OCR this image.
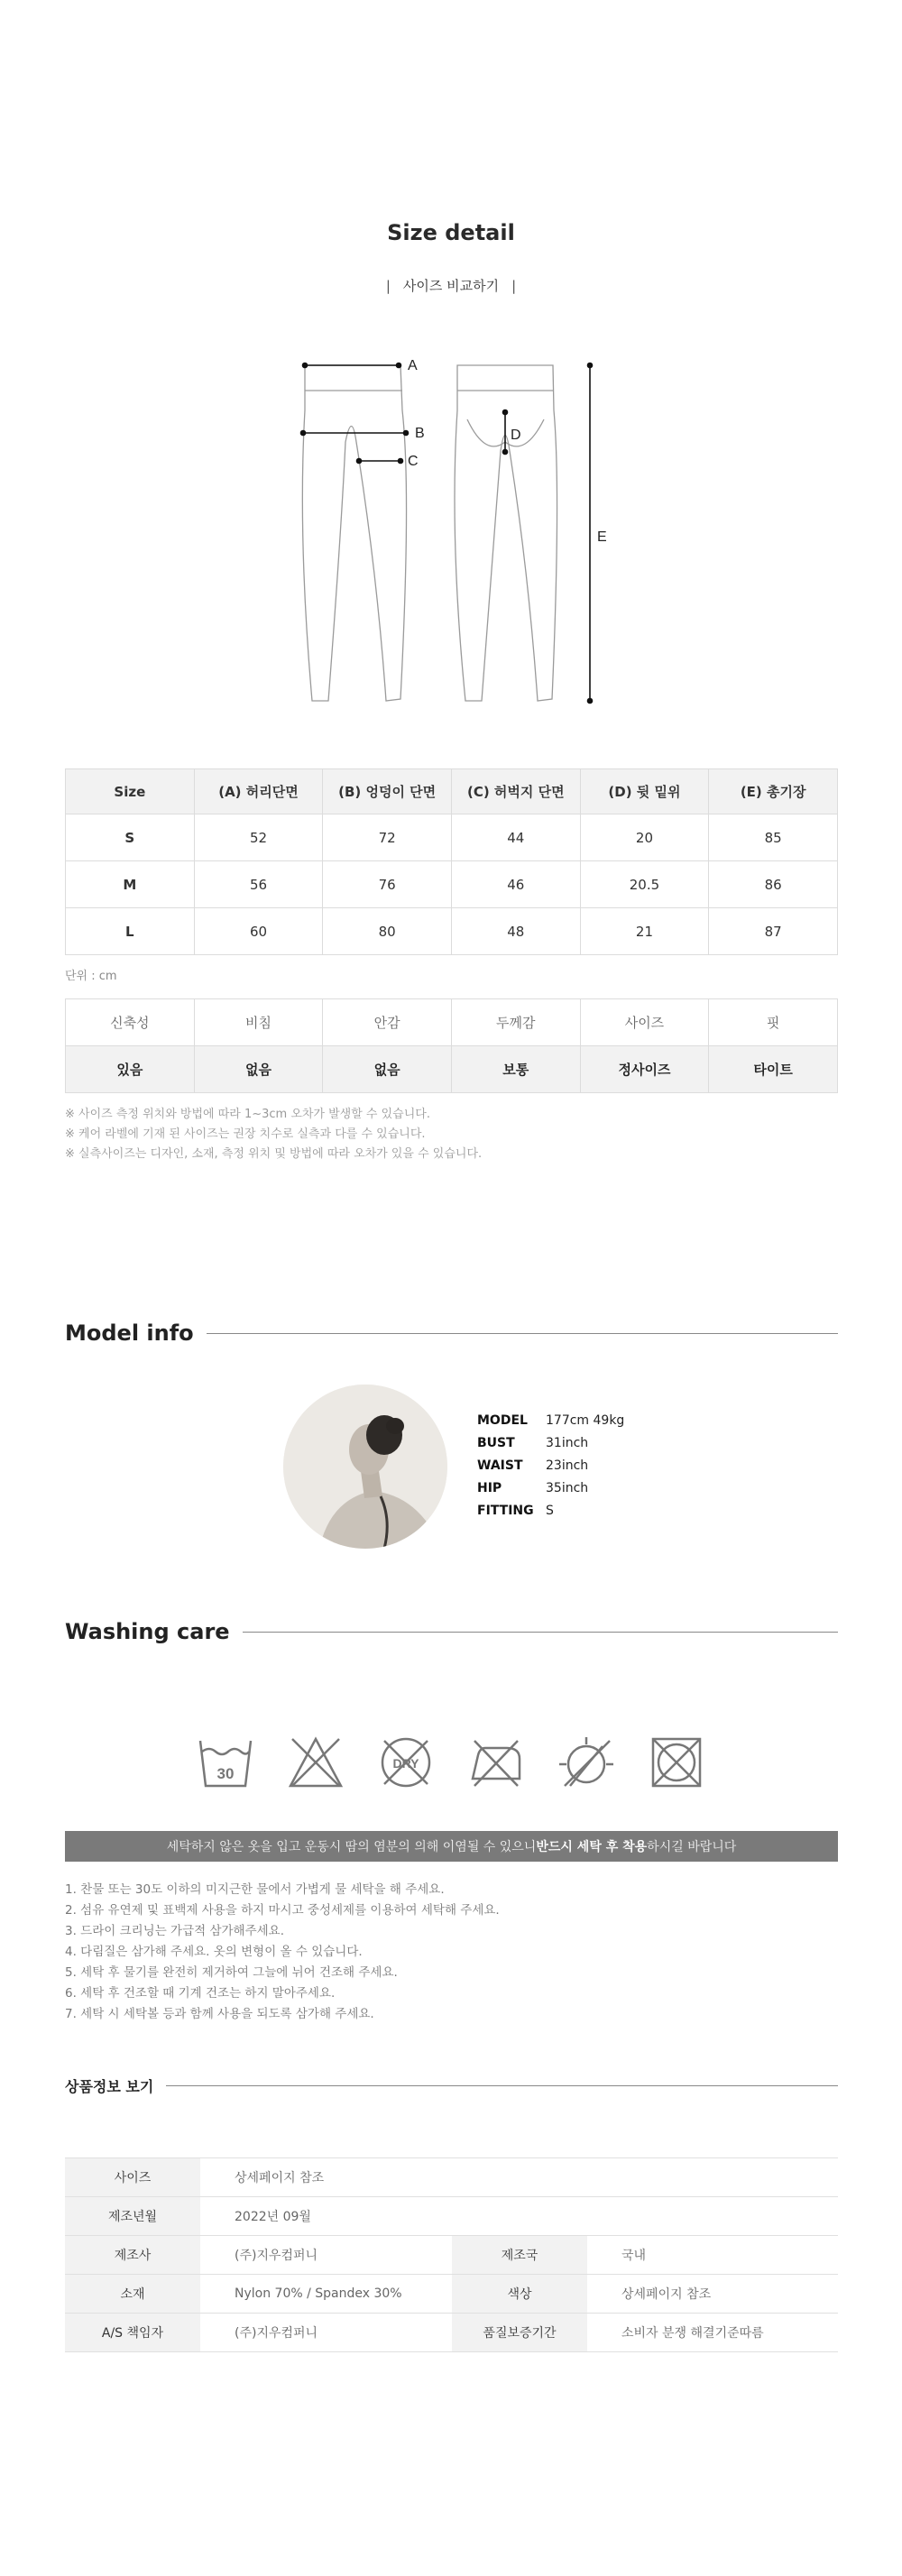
Size detail
| 사이즈 비교하기 |
A
B
C
D
E
Size	(A) 허리단면	(B) 엉덩이 단면	(C) 허벅지 단면	(D) 뒷 밑위	(E) 총기장
S	52	72	44	20	85
M	56	76	46	20.5	86
L	60	80	48	21	87
단위 : cm
신축성	비침	안감	두께감	사이즈	핏
있음	없음	없음	보통	정사이즈	타이트
※ 사이즈 측정 위치와 방법에 따라 1~3cm 오차가 발생할 수 있습니다.
※ 케어 라벨에 기재 된 사이즈는 권장 치수로 실측과 다를 수 있습니다.
※ 실측사이즈는 디자인, 소재, 측정 위치 및 방법에 따라 오차가 있을 수 있습니다.
Model info
MODEL	177cm 49kg
BUST	31inch
WAIST	23inch
HIP	35inch
FITTING S
Washing care
30
DRY
세탁하지 않은 옷을 입고 운동시 땀의 염분의 의해 이염될 수 있으니 반드시 세탁 후 착용 하시길 바랍니다
1. 찬물 또는 30도 이하의 미지근한 물에서 가볍게 물 세탁을 해 주세요.
2. 섬유 유연제 및 표백제 사용을 하지 마시고 중성세제를 이용하여 세탁해 주세요.
3. 드라이 크리닝는 가급적 삼가해주세요.
4. 다림질은 삼가해 주세요. 옷의 변형이 올 수 있습니다.
5. 세탁 후 물기를 완전히 제거하여 그늘에 뉘어 건조해 주세요.
6. 세탁 후 건조할 때 기계 건조는 하지 말아주세요.
7. 세탁 시 세탁볼 등과 함께 사용을 되도록 삼가해 주세요.
상품정보 보기
사이즈	상세페이지 참조		
제조년월	2022년 09월		
제조사	(주)지우컴퍼니	제조국	국내
소재	Nylon 70% / Spandex 30%	색상	상세페이지 참조
A/S 책임자	(주)지우컴퍼니	품질보증기간	소비자 분쟁 해결기준따름
